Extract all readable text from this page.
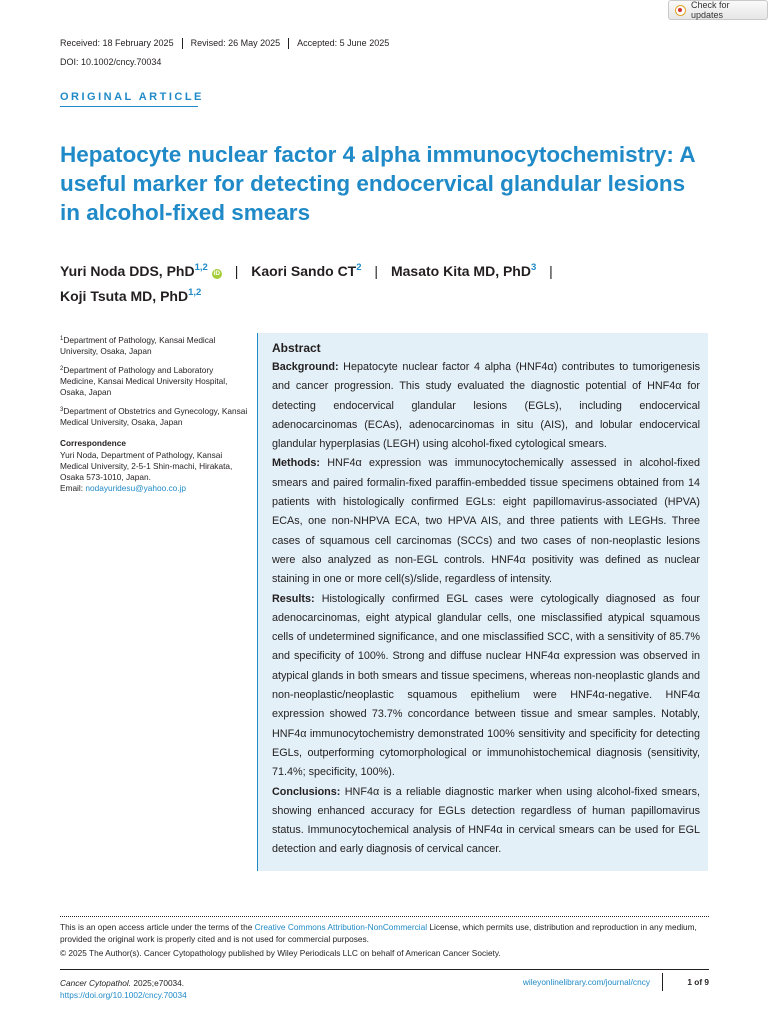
Check for updates
Received: 18 February 2025	Revised: 26 May 2025	Accepted: 5 June 2025
DOI: 10.1002/cncy.70034
ORIGINAL ARTICLE
Hepatocyte nuclear factor 4 alpha immunocytochemistry: A useful marker for detecting endocervical glandular lesions in alcohol-fixed smears
Yuri Noda DDS, PhD$^{1,2}$iD | Kaori Sando $CT^2$ | Masato Kita MD, PhD$^3$ |
Koji Tsuta MD, PhD$^{1,2}$

$^1$Department of Pathology, Kansai Medical University, Osaka, Japan

$^2$Department of Pathology and Laboratory Medicine, Kansai Medical University Hospital, Osaka, Japan

$^3$Department of Obstetrics and Gynecology, Kansai Medical University, Osaka, Japan

Correspondence
Yuri Noda, Department of Pathology, Kansai Medical University, 2-5-1 Shin-machi, Hirakata, Osaka 573-1010, Japan.
Email: nodayuridesu@yahoo.co.jp
Abstract

Background: Hepatocyte nuclear factor 4 alpha (HNF4α) contributes to tumorigenesis and cancer progression. This study evaluated the diagnostic potential of HNF4α for detecting endocervical glandular lesions (EGLs), including endocervical adenocarcinomas (ECAs), adenocarcinomas in situ (AIS), and lobular endocervical glandular hyperplasias (LEGH) using alcohol-fixed cytological smears.

Methods: HNF4α expression was immunocytochemically assessed in alcohol-fixed smears and paired formalin-fixed paraffin-embedded tissue specimens obtained from 14 patients with histologically confirmed EGLs: eight papillomavirus-associated (HPVA) ECAs, one non-NHPVA ECA, two HPVA AIS, and three patients with LEGHs. Three cases of squamous cell carcinomas (SCCs) and two cases of non-neoplastic lesions were also analyzed as non-EGL controls. HNF4α positivity was defined as nuclear staining in one or more cell(s)/slide, regardless of intensity.

Results: Histologically confirmed EGL cases were cytologically diagnosed as four adenocarcinomas, eight atypical glandular cells, one misclassified atypical squamous cells of undetermined significance, and one misclassified SCC, with a sensitivity of 85.7% and specificity of 100%. Strong and diffuse nuclear HNF4α expression was observed in atypical glands in both smears and tissue specimens, whereas non-neoplastic glands and non-neoplastic/neoplastic squamous epithelium were HNF4α-negative. HNF4α expression showed 73.7% concordance between tissue and smear samples. Notably, HNF4α immunocytochemistry demonstrated 100% sensitivity and specificity for detecting EGLs, outperforming cytomorphological or immunohistochemical diagnosis (sensitivity, 71.4%; specificity, 100%).

Conclusions: HNF4α is a reliable diagnostic marker when using alcohol-fixed smears, showing enhanced accuracy for EGLs detection regardless of human papillomavirus status. Immunocytochemical analysis of HNF4α in cervical smears can be used for EGL detection and early diagnosis of cervical cancer.

This is an open access article under the terms of the Creative Commons Attribution-NonCommercial License, which permits use, distribution and reproduction in any medium, provided the original work is properly cited and is not used for commercial purposes.
© 2025 The Author(s). Cancer Cytopathology published by Wiley Periodicals LLC on behalf of American Cancer Society.
Cancer Cytopathol. 2025;e70034.
https://doi.org/10.1002/cncy.70034
wileyonlinelibrary.com/journal/cncy	1 of 9
